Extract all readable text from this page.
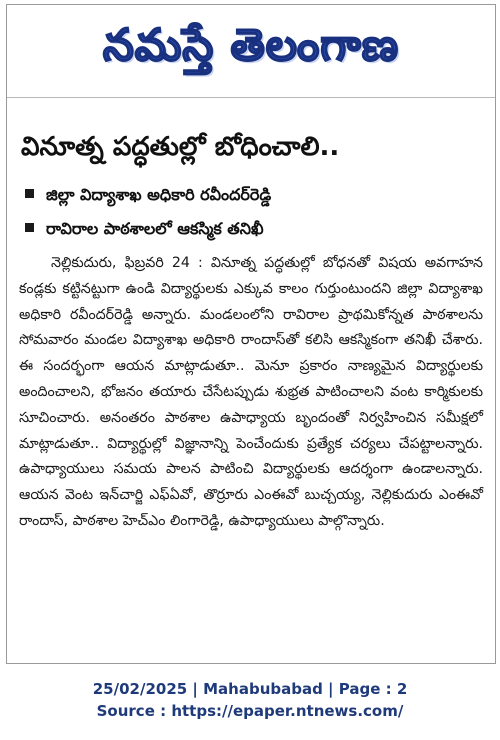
నమస్తే తెలంగాణ
వినూత్న పద్ధతుల్లో బోధించాలి..
జిల్లా విద్యాశాఖ అధికారి రవీందర్‌రెడ్డి
రావిరాల పాఠశాలలో ఆకస్మిక తనిఖీ
నెల్లికుదురు, ఫిబ్రవరి 24 : వినూత్న పద్ధతుల్లో బోధనతో విషయ అవగాహన కండ్లకు కట్టినట్టుగా ఉండి విద్యార్థులకు ఎక్కువ కాలం గుర్తుంటుందని జిల్లా విద్యాశాఖ అధికారి రవీందర్‌రెడ్డి అన్నారు. మండలంలోని రావిరాల ప్రాథమికోన్నత పాఠశాలను సోమవారం మండల విద్యాశాఖ అధికారి రాందాస్‌తో కలిసి ఆకస్మికంగా తనిఖీ చేశారు. ఈ సందర్భంగా ఆయన మాట్లాడుతూ.. మెనూ ప్రకారం నాణ్యమైన విద్యార్థులకు అందించాలని, భోజనం తయారు చేసేటప్పుడు శుభ్రత పాటించాలని వంట కార్మికులకు సూచించారు. అనంతరం పాఠశాల ఉపాధ్యాయ బృందంతో నిర్వహించిన సమీక్షలో మాట్లాడుతూ.. విద్యార్థుల్లో విజ్ఞానాన్ని పెంచేందుకు ప్రత్యేక చర్యలు చేపట్టాలన్నారు. ఉపాధ్యాయులు సమయ పాలన పాటించి విద్యార్థులకు ఆదర్శంగా ఉండాలన్నారు. ఆయన వెంట ఇన్‌చార్జి ఎఫ్‌ఏవో, తొర్రూరు ఎంఈవో బుచ్చయ్య, నెల్లికుదురు ఎంఈవో రాందాస్, పాఠశాల హెచ్‌ఎం లింగారెడ్డి, ఉపాధ్యాయులు పాల్గొన్నారు.
25/02/2025 | Mahabubabad | Page : 2
Source : https://epaper.ntnews.com/
